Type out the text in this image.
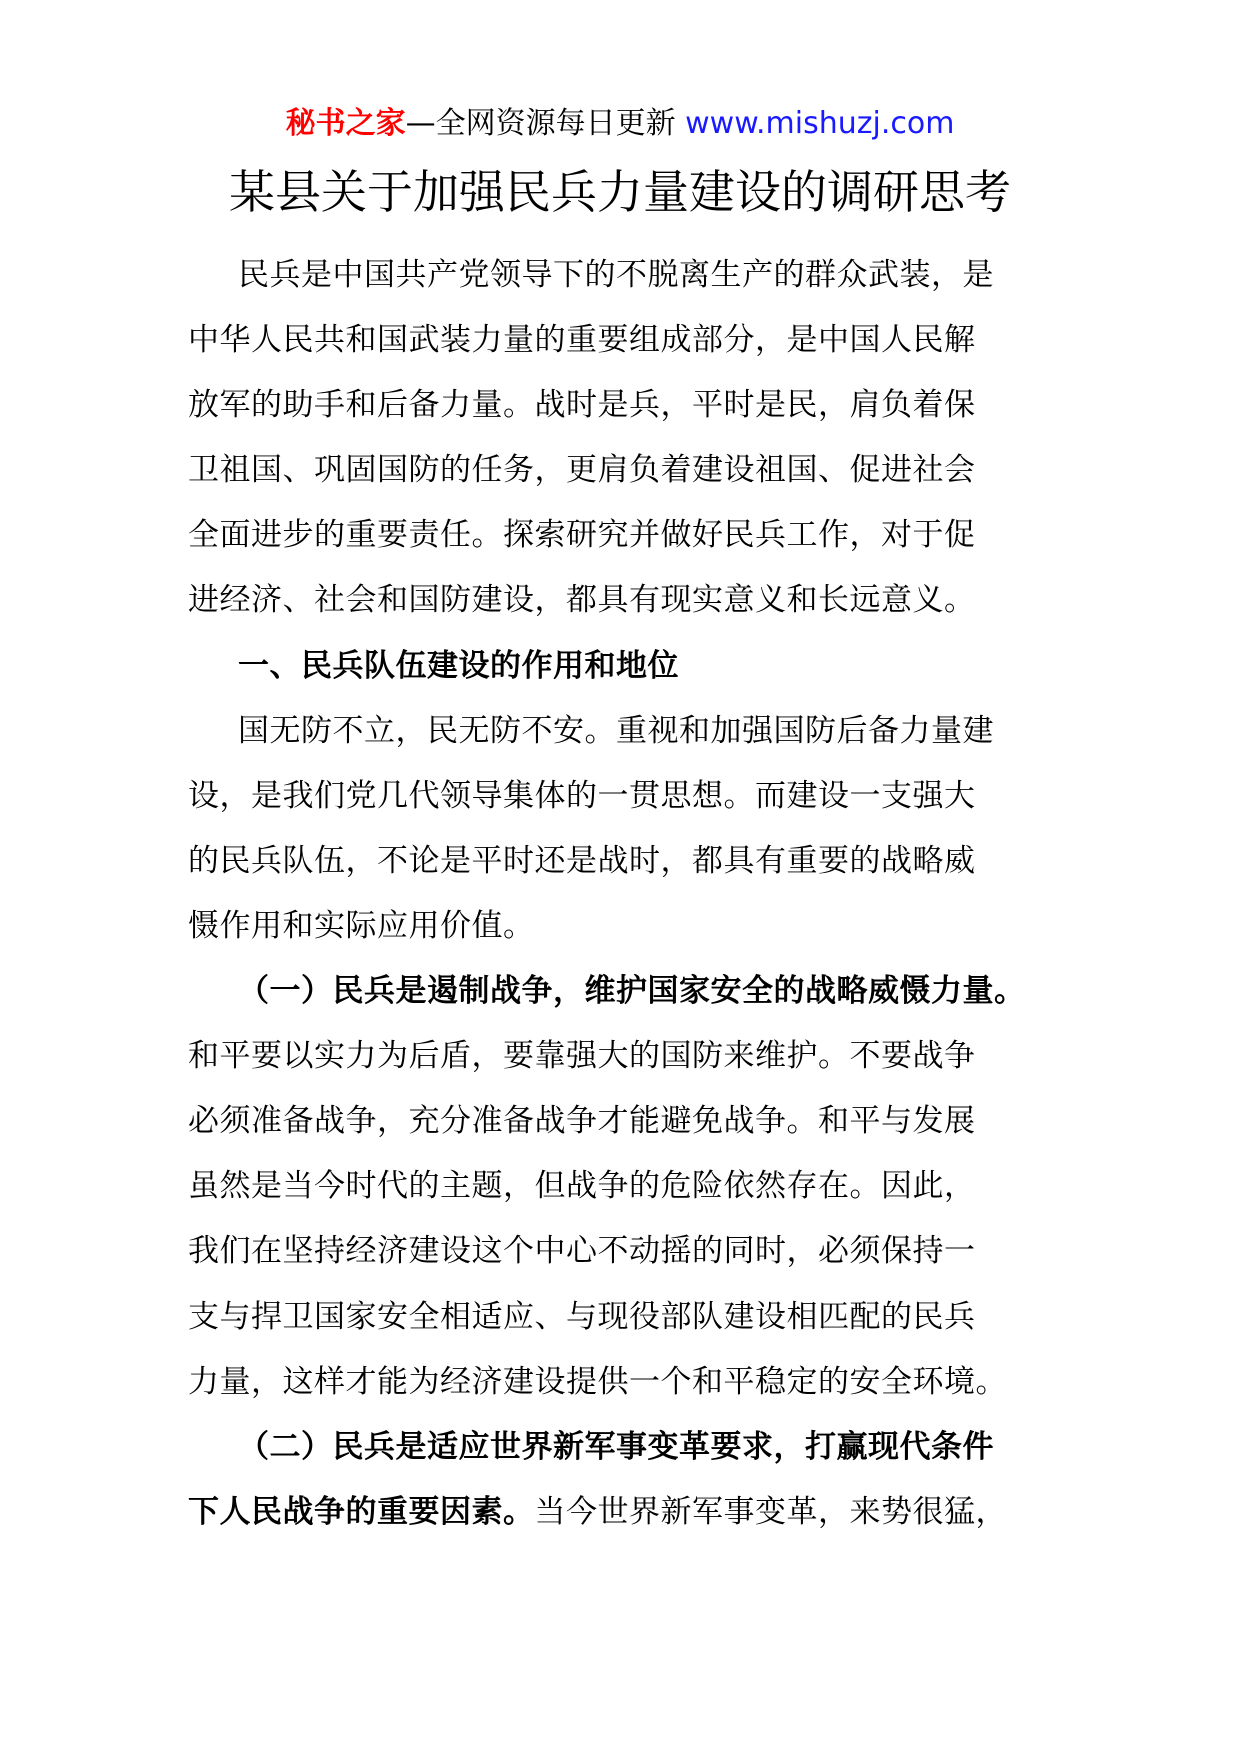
秘书之家—全网资源每日更新 www.mishuzj.com
某县关于加强民兵力量建设的调研思考
民兵是中国共产党领导下的不脱离生产的群众武装，是
中华人民共和国武装力量的重要组成部分，是中国人民解
放军的助手和后备力量。战时是兵，平时是民，肩负着保
卫祖国、巩固国防的任务，更肩负着建设祖国、促进社会
全面进步的重要责任。探索研究并做好民兵工作，对于促
进经济、社会和国防建设，都具有现实意义和长远意义。
一、民兵队伍建设的作用和地位
国无防不立，民无防不安。重视和加强国防后备力量建
设，是我们党几代领导集体的一贯思想。而建设一支强大
的民兵队伍，不论是平时还是战时，都具有重要的战略威
慑作用和实际应用价值。
（一）民兵是遏制战争，维护国家安全的战略威慑力量。
和平要以实力为后盾，要靠强大的国防来维护。不要战争
必须准备战争，充分准备战争才能避免战争。和平与发展
虽然是当今时代的主题，但战争的危险依然存在。因此，
我们在坚持经济建设这个中心不动摇的同时，必须保持一
支与捍卫国家安全相适应、与现役部队建设相匹配的民兵
力量，这样才能为经济建设提供一个和平稳定的安全环境。
（二）民兵是适应世界新军事变革要求，打赢现代条件
下人民战争的重要因素。当今世界新军事变革，来势很猛，
